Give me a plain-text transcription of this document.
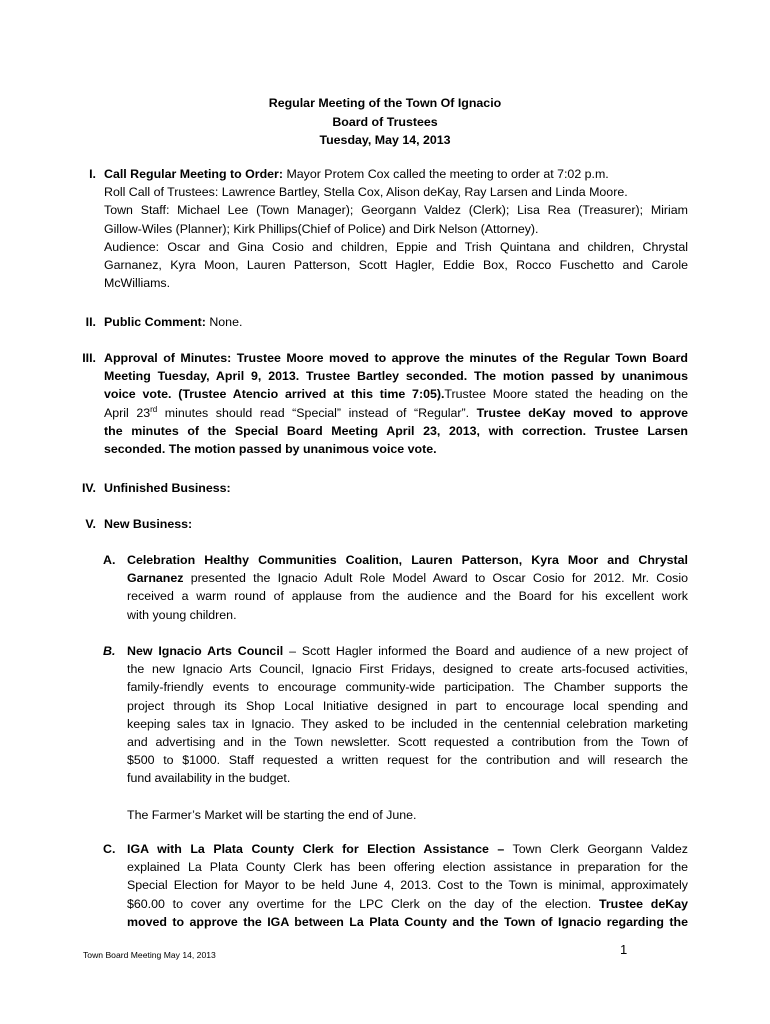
Regular Meeting of the Town Of Ignacio
Board of Trustees
Tuesday, May 14, 2013
I. Call Regular Meeting to Order: Mayor Protem Cox called the meeting to order at 7:02 p.m.
Roll Call of Trustees: Lawrence Bartley, Stella Cox, Alison deKay, Ray Larsen and Linda Moore.
Town Staff: Michael Lee (Town Manager); Georgann Valdez (Clerk); Lisa Rea (Treasurer); Miriam
Gillow-Wiles (Planner); Kirk Phillips(Chief of Police) and Dirk Nelson (Attorney).
Audience: Oscar and Gina Cosio and children, Eppie and Trish Quintana and children, Chrystal
Garnanez, Kyra Moon, Lauren Patterson, Scott Hagler, Eddie Box, Rocco Fuschetto and Carole
McWilliams.
II. Public Comment: None.
III. Approval of Minutes: Trustee Moore moved to approve the minutes of the Regular Town Board
Meeting Tuesday, April 9, 2013. Trustee Bartley seconded. The motion passed by unanimous
voice vote. (Trustee Atencio arrived at this time 7:05).Trustee Moore stated the heading on the
April 23rd minutes should read “Special” instead of “Regular”. Trustee deKay moved to approve
the minutes of the Special Board Meeting April 23, 2013, with correction. Trustee Larsen
seconded. The motion passed by unanimous voice vote.
IV. Unfinished Business:
V. New Business:
A. Celebration Healthy Communities Coalition, Lauren Patterson, Kyra Moor and Chrystal
Garnanez presented the Ignacio Adult Role Model Award to Oscar Cosio for 2012. Mr. Cosio
received a warm round of applause from the audience and the Board for his excellent work
with young children.
B. New Ignacio Arts Council – Scott Hagler informed the Board and audience of a new project of
the new Ignacio Arts Council, Ignacio First Fridays, designed to create arts-focused activities,
family-friendly events to encourage community-wide participation. The Chamber supports the
project through its Shop Local Initiative designed in part to encourage local spending and
keeping sales tax in Ignacio. They asked to be included in the centennial celebration marketing
and advertising and in the Town newsletter. Scott requested a contribution from the Town of
$500 to $1000. Staff requested a written request for the contribution and will research the
fund availability in the budget.
The Farmer’s Market will be starting the end of June.
C. IGA with La Plata County Clerk for Election Assistance – Town Clerk Georgann Valdez
explained La Plata County Clerk has been offering election assistance in preparation for the
Special Election for Mayor to be held June 4, 2013. Cost to the Town is minimal, approximately
$60.00 to cover any overtime for the LPC Clerk on the day of the election. Trustee deKay
moved to approve the IGA between La Plata County and the Town of Ignacio regarding the
Town Board Meeting May 14, 2013	1
